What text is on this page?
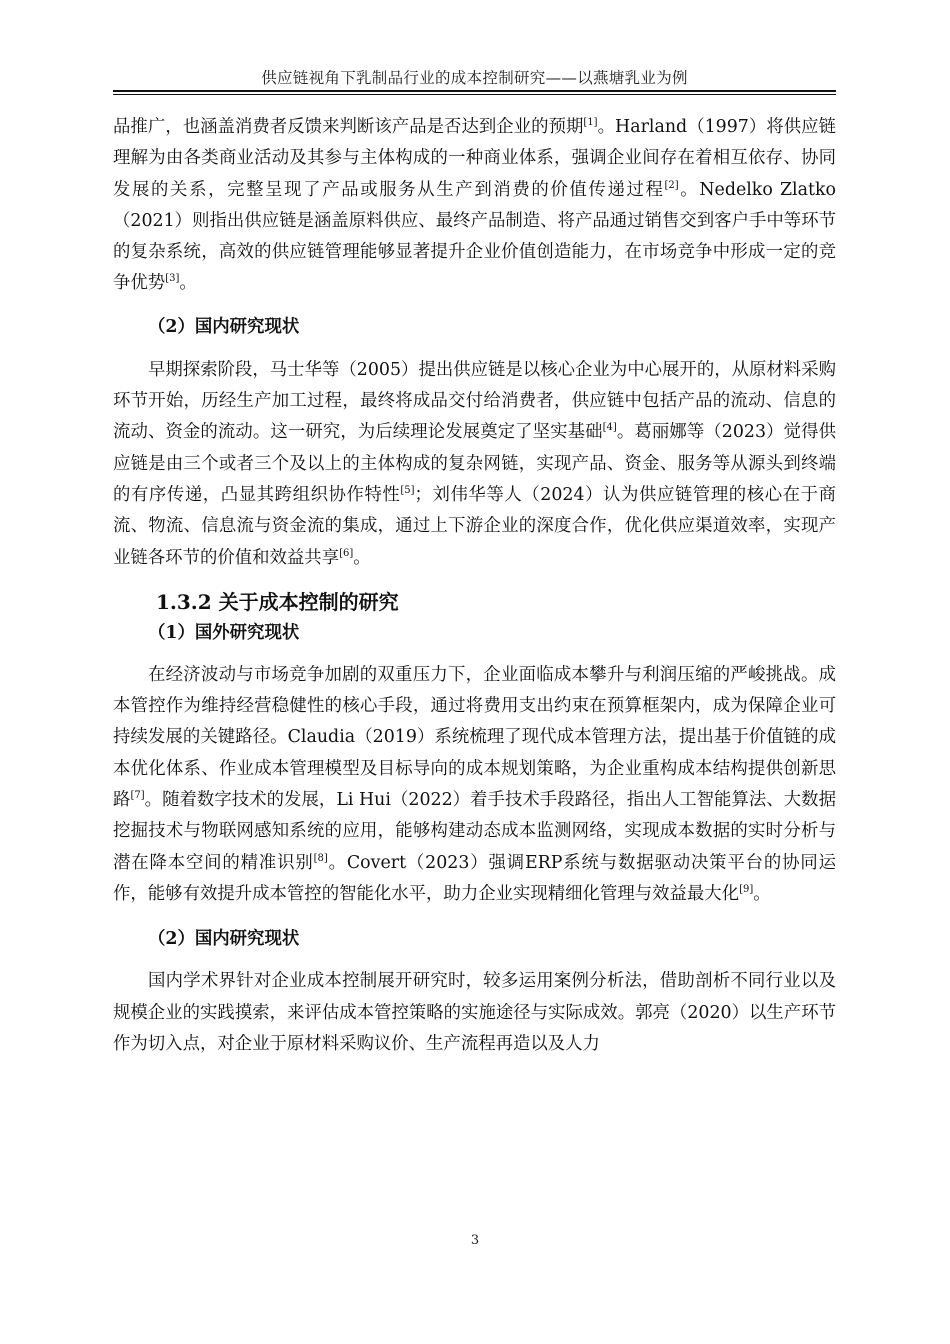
供应链视角下乳制品行业的成本控制研究——以燕塘乳业为例

品推广，也涵盖消费者反馈来判断该产品是否达到企业的预期[1]。Harland（1997）将供应链理解为由各类商业活动及其参与主体构成的一种商业体系，强调企业间存在着相互依存、协同发展的关系，完整呈现了产品或服务从生产到消费的价值传递过程[2]。Nedelko Zlatko（2021）则指出供应链是涵盖原料供应、最终产品制造、将产品通过销售交到客户手中等环节的复杂系统，高效的供应链管理能够显著提升企业价值创造能力，在市场竞争中形成一定的竞争优势[3]。

（2）国内研究现状

早期探索阶段，马士华等（2005）提出供应链是以核心企业为中心展开的，从原材料采购环节开始，历经生产加工过程，最终将成品交付给消费者，供应链中包括产品的流动、信息的流动、资金的流动。这一研究，为后续理论发展奠定了坚实基础[4]。葛丽娜等（2023）觉得供应链是由三个或者三个及以上的主体构成的复杂网链，实现产品、资金、服务等从源头到终端的有序传递，凸显其跨组织协作特性[5]；刘伟华等人（2024）认为供应链管理的核心在于商流、物流、信息流与资金流的集成，通过上下游企业的深度合作，优化供应渠道效率，实现产业链各环节的价值和效益共享[6]。

1.3.2 关于成本控制的研究

（1）国外研究现状

在经济波动与市场竞争加剧的双重压力下，企业面临成本攀升与利润压缩的严峻挑战。成本管控作为维持经营稳健性的核心手段，通过将费用支出约束在预算框架内，成为保障企业可持续发展的关键路径。Claudia（2019）系统梳理了现代成本管理方法，提出基于价值链的成本优化体系、作业成本管理模型及目标导向的成本规划策略，为企业重构成本结构提供创新思路[7]。随着数字技术的发展，Li Hui（2022）着手技术手段路径，指出人工智能算法、大数据挖掘技术与物联网感知系统的应用，能够构建动态成本监测网络，实现成本数据的实时分析与潜在降本空间的精准识别[8]。Covert（2023）强调ERP系统与数据驱动决策平台的协同运作，能够有效提升成本管控的智能化水平，助力企业实现精细化管理与效益最大化[9]。

（2）国内研究现状

国内学术界针对企业成本控制展开研究时，较多运用案例分析法，借助剖析不同行业以及规模企业的实践摸索，来评估成本管控策略的实施途径与实际成效。郭亮（2020）以生产环节作为切入点，对企业于原材料采购议价、生产流程再造以及人力

3
